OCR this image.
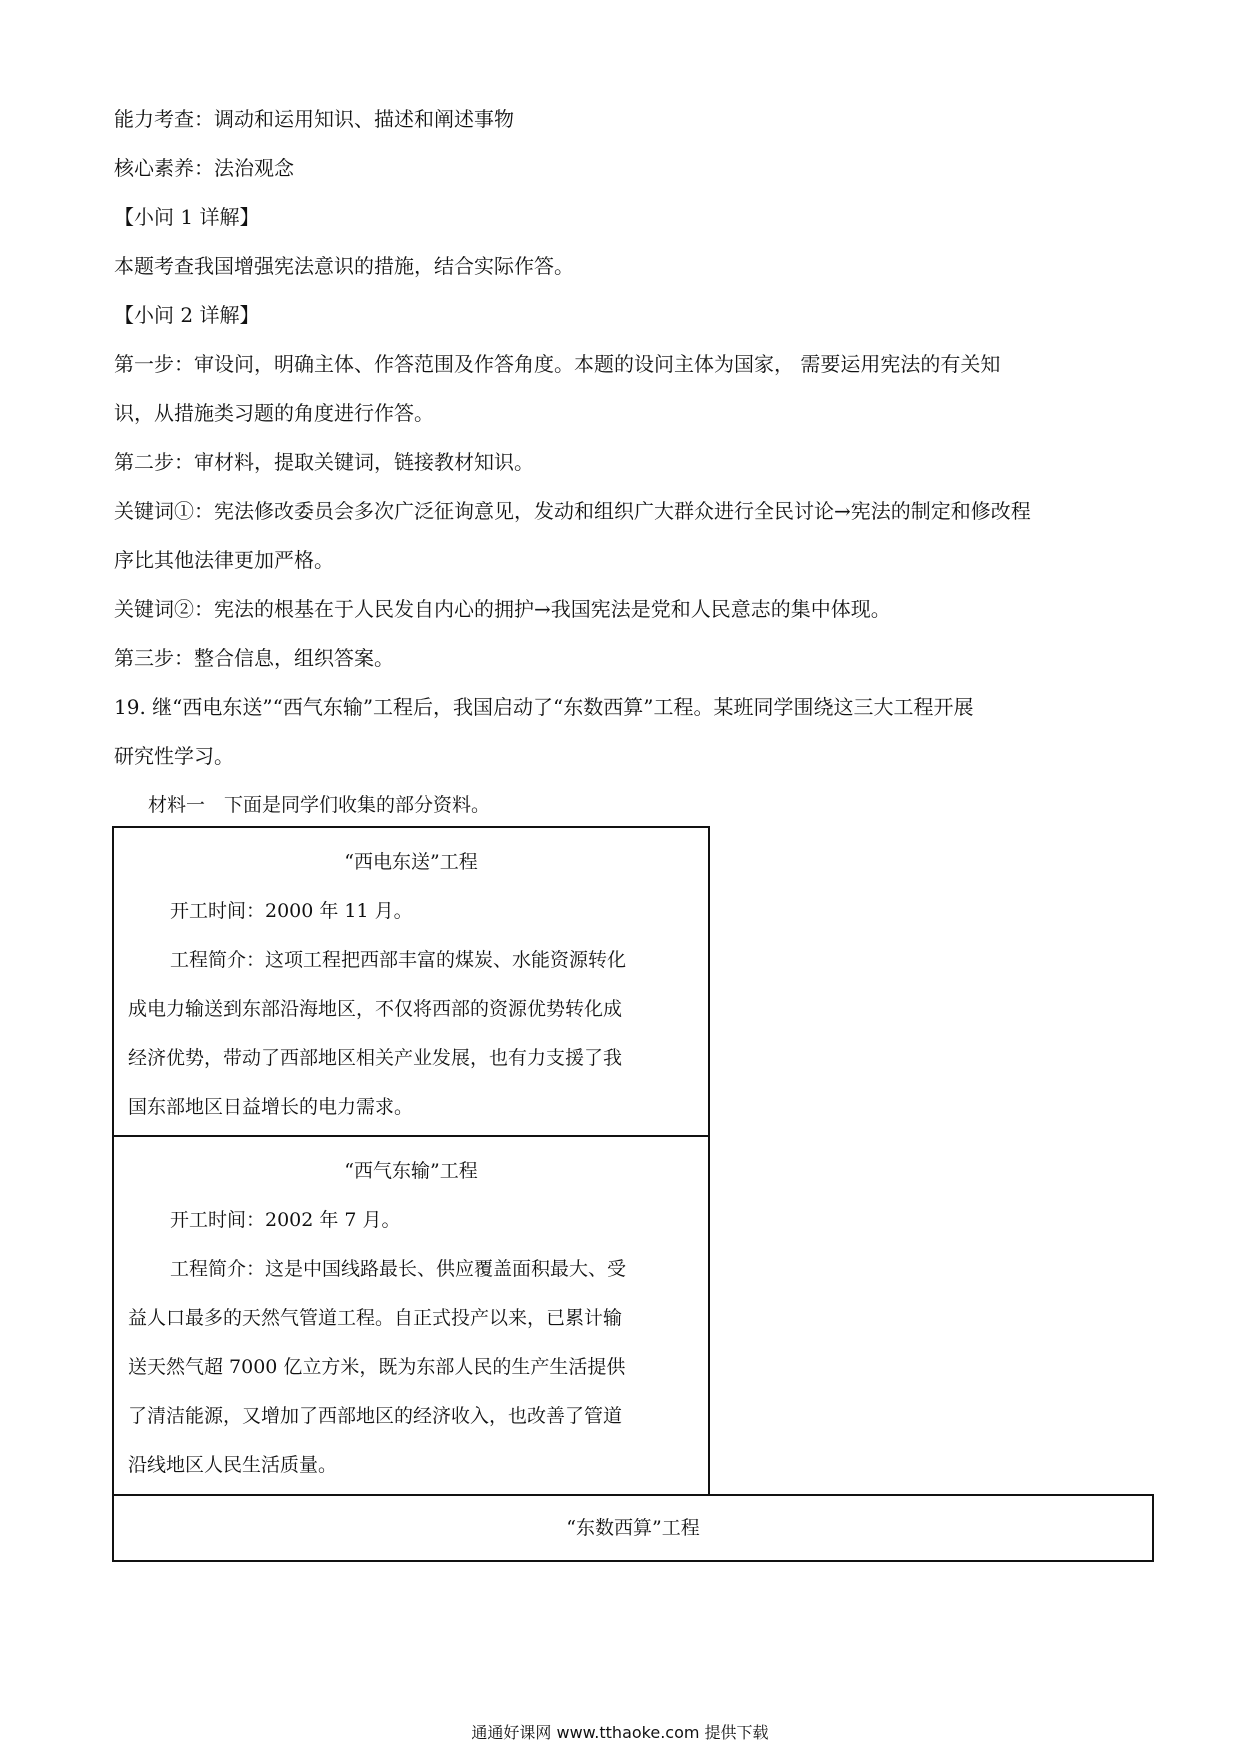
能力考查：调动和运用知识、描述和阐述事物
核心素养：法治观念
【小问 1 详解】
本题考查我国增强宪法意识的措施，结合实际作答。
【小问 2 详解】
第一步：审设问，明确主体、作答范围及作答角度。本题的设问主体为国家， 需要运用宪法的有关知
识，从措施类习题的角度进行作答。
第二步：审材料，提取关键词，链接教材知识。
关键词①：宪法修改委员会多次广泛征询意见，发动和组织广大群众进行全民讨论→宪法的制定和修改程
序比其他法律更加严格。
关键词②：宪法的根基在于人民发自内心的拥护→我国宪法是党和人民意志的集中体现。
第三步：整合信息，组织答案。
19. 继“西电东送”“西气东输”工程后，我国启动了“东数西算”工程。某班同学围绕这三大工程开展
研究性学习。
材料一　下面是同学们收集的部分资料。
“西电东送”工程
开工时间：2000 年 11 月。
工程简介：这项工程把西部丰富的煤炭、水能资源转化
成电力输送到东部沿海地区，不仅将西部的资源优势转化成
经济优势，带动了西部地区相关产业发展，也有力支援了我
国东部地区日益增长的电力需求。
“西气东输”工程
开工时间：2002 年 7 月。
工程简介：这是中国线路最长、供应覆盖面积最大、受
益人口最多的天然气管道工程。自正式投产以来，已累计输
送天然气超 7000 亿立方米，既为东部人民的生产生活提供
了清洁能源，又增加了西部地区的经济收入，也改善了管道
沿线地区人民生活质量。
“东数西算”工程
通通好课网 www.tthaoke.com 提供下载
